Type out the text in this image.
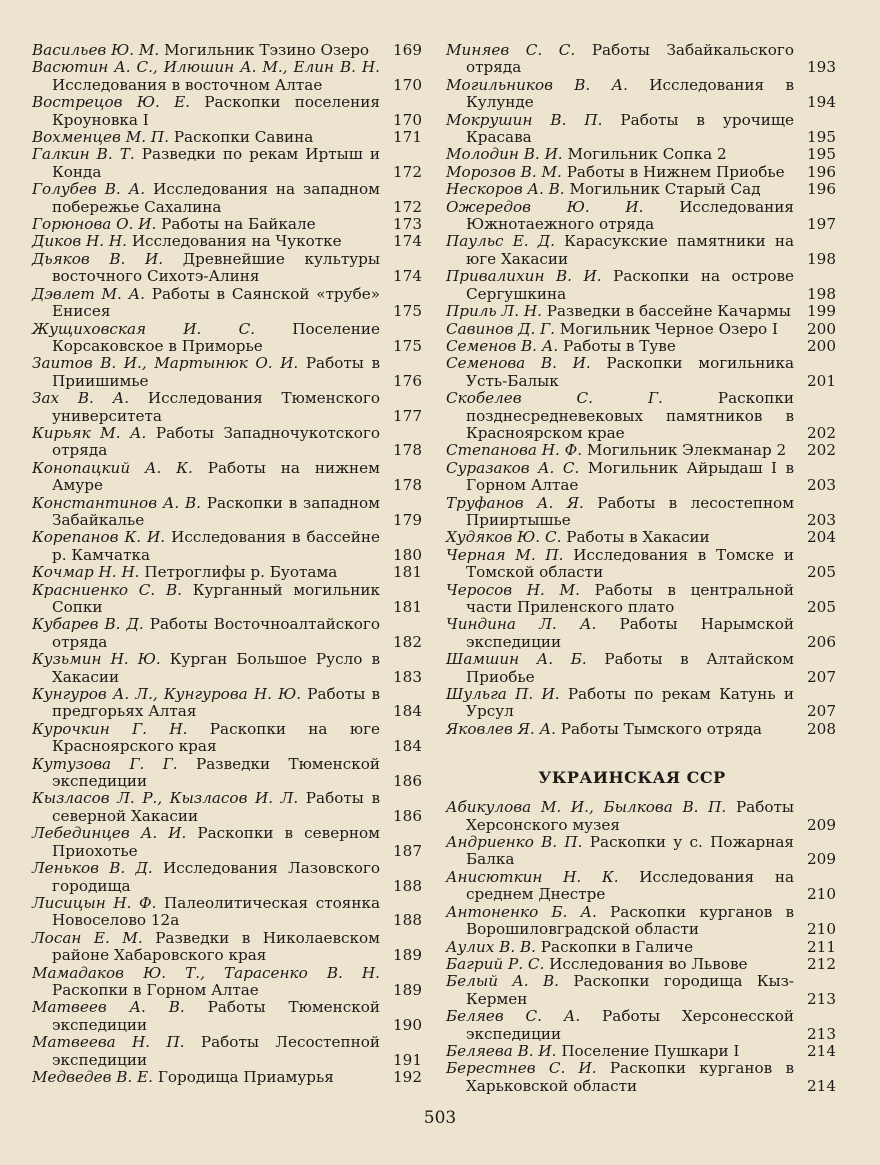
Васильев Ю. М. Могильник Тэзино Озеро 169

Васютин А. С., Илюшин А. М., Елин В. Н. Исследования в восточном Алтае	170

Вострецов Ю. Е. Раскопки поселения Кроуновка I	170

Вохменцев М. П. Раскопки Савина	171

Галкин В. Т. Разведки по рекам Иртыш и Конда	172

Голубев В. А. Исследования на западном побережье Сахалина	172

Горюнова О. И. Работы на Байкале	173

Диков Н. Н. Исследования на Чукотке	174

Дьяков В. И. Древнейшие культуры восточного Сихотэ-Алиня	174

Дэвлет М. А. Работы в Саянской «трубе» Енисея	175

Жущиховская И. С. Поселение Корсаковское в Приморье	175

Заитов В. И., Мартынюк О. И. Работы в Приишимье	176

Зах В. А. Исследования Тюменского университета	177

Кирьяк М. А. Работы Западночукотского отряда	178

Конопацкий А. К. Работы на нижнем Амуре	178

Константинов А. В. Раскопки в западном Забайкалье	179

Корепанов К. И. Исследования в бассейне р. Камчатка	180

Кочмар Н. Н. Петроглифы р. Буотама	181

Красниенко С. В. Курганный могильник Сопки	181

Кубарев В. Д. Работы Восточноалтайского отряда	182

Кузьмин Н. Ю. Курган Большое Русло в Хакасии	183

Кунгуров А. Л., Кунгурова Н. Ю. Работы в предгорьях Алтая	184

Курочкин Г. Н. Раскопки на юге Красноярского края	184

Кутузова Г. Г. Разведки Тюменской экспедиции	186

Кызласов Л. Р., Кызласов И. Л. Работы в северной Хакасии	186

Лебединцев А. И. Раскопки в северном Приохотье	187

Леньков В. Д. Исследования Лазовского городища	188

Лисицын Н. Ф. Палеолитическая стоянка Новоселово 12а	188

Лосан Е. М. Разведки в Николаевском районе Хабаровского края	189

Мамадаков Ю. Т., Тарасенко В. Н. Раскопки в Горном Алтае	189

Матвеев А. В. Работы Тюменской экспедиции	190

Матвеева Н. П. Работы Лесостепной экспедиции	191

Медведев В. Е. Городища Приамурья	192

Миняев С. С. Работы Забайкальского отряда	193

Могильников В. А. Исследования в Кулунде	194

Мокрушин В. П. Работы в урочище Красава	195

Молодин В. И. Могильник Сопка 2	195

Морозов В. М. Работы в Нижнем Приобье 196

Нескоров А. В. Могильник Старый Сад	196

Ожередов Ю. И. Исследования Южнотаежного отряда	197

Паульс Е. Д. Карасукские памятники на юге Хакасии	198

Привалихин В. И. Раскопки на острове Сергушкина	198

Приль Л. Н. Разведки в бассейне Качармы 199

Савинов Д. Г. Могильник Черное Озеро I 200

Семенов В. А. Работы в Туве	200

Семенова В. И. Раскопки могильника Усть-Балык	201

Скобелев С. Г.	Раскопки позднесредневековых памятников в Красноярском крае	202

Степанова Н. Ф. Могильник Элекманар 2 202

Суразаков А. С. Могильник Айрыдаш I в Горном Алтае	203

Труфанов А. Я. Работы в лесостепном Прииртышье	203

Худяков Ю. С. Работы в Хакасии	204

Черная М. П. Исследования в Томске и Томской области	205

Черосов Н. М. Работы в центральной части Приленского плато	205

Чиндина Л. А. Работы Нарымской экспедиции	206

Шамшин А. Б. Работы в Алтайском Приобье	207

Шульга П. И. Работы по рекам Катунь и Урсул	207

Яковлев Я. А. Работы Тымского отряда	208

УКРАИНСКАЯ ССР

Абикулова М. И., Былкова В. П. Работы Херсонского музея	209

Андриенко В. П. Раскопки у с. Пожарная Балка	209

Анисюткин Н. К. Исследования на среднем Днестре	210

Антоненко Б. А. Раскопки курганов в Ворошиловградской области	210

Аулих В. В. Раскопки в Галиче	211

Багрий Р. С. Исследования во Львове	212

Белый А. В. Раскопки городища Кыз-Кермен	213

Беляев С. А. Работы Херсонесской экспедиции	213

Беляева В. И. Поселение Пушкари I	214

Берестнев С. И. Раскопки курганов в Харьковской области	214

503
